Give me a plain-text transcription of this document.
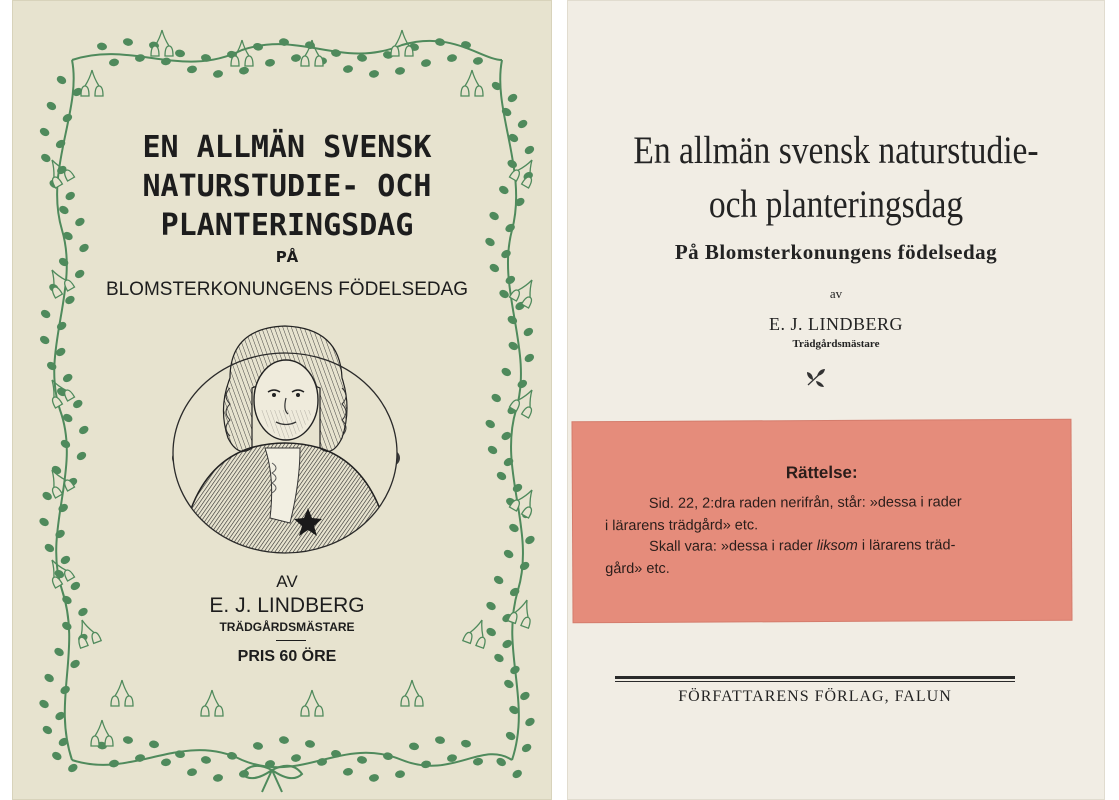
EN ALLMÄN SVENSK
NATURSTUDIE- OCH
PLANTERINGSDAG
PÅ
BLOMSTERKONUNGENS FÖDELSEDAG
AV
E. J. LINDBERG
TRÄDGÅRDSMÄSTARE
PRIS 60 ÖRE
En allmän svensk naturstudie-
och planteringsdag
På Blomsterkonungens födelsedag
av
E. J. LINDBERG
Trädgårdsmästare
Rättelse:
Sid. 22, 2:dra raden nerifrån, står: »dessa i rader
i lärarens trädgård» etc.
Skall vara: »dessa i rader liksom i lärarens träd-
gård» etc.
FÖRFATTARENS FÖRLAG, FALUN
